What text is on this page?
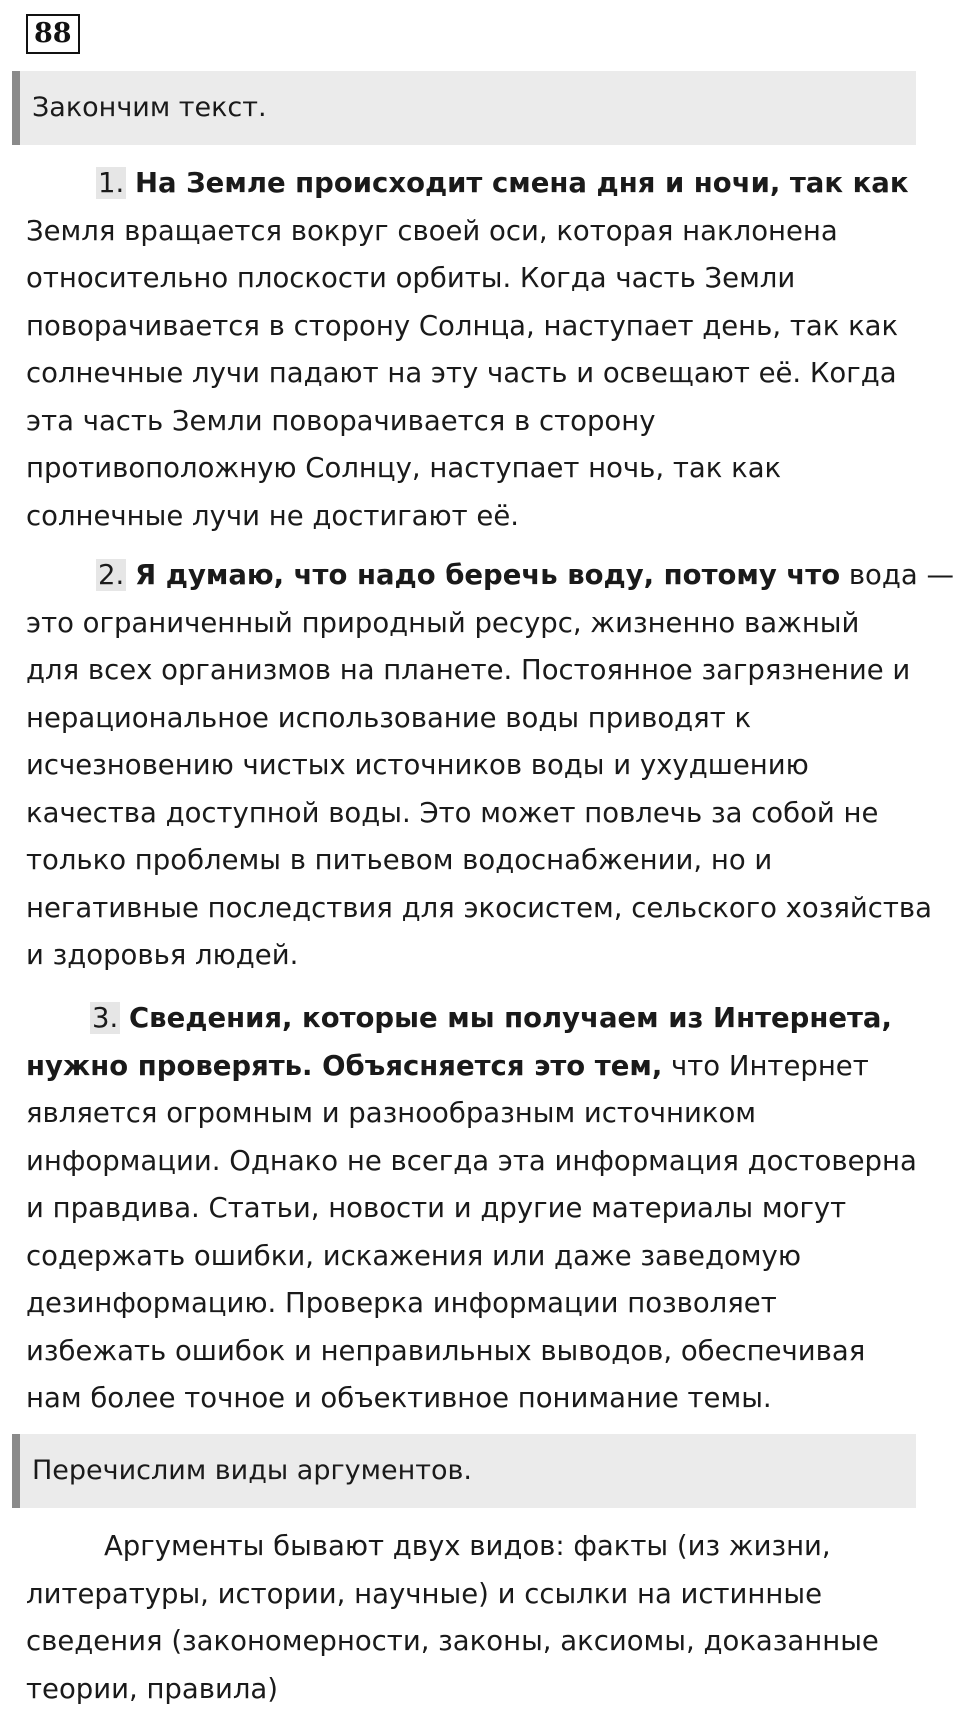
88
Закончим текст.
1. На Земле происходит смена дня и ночи, так как
Земля вращается вокруг своей оси, которая наклонена
относительно плоскости орбиты. Когда часть Земли
поворачивается в сторону Солнца, наступает день, так как
солнечные лучи падают на эту часть и освещают её. Когда
эта часть Земли поворачивается в сторону
противоположную Солнцу, наступает ночь, так как
солнечные лучи не достигают её.
2. Я думаю, что надо беречь воду, потому что вода —
это ограниченный природный ресурс, жизненно важный
для всех организмов на планете. Постоянное загрязнение и
нерациональное использование воды приводят к
исчезновению чистых источников воды и ухудшению
качества доступной воды. Это может повлечь за собой не
только проблемы в питьевом водоснабжении, но и
негативные последствия для экосистем, сельского хозяйства
и здоровья людей.
3. Сведения, которые мы получаем из Интернета,
нужно проверять. Объясняется это тем, что Интернет
является огромным и разнообразным источником
информации. Однако не всегда эта информация достоверна
и правдива. Статьи, новости и другие материалы могут
содержать ошибки, искажения или даже заведомую
дезинформацию. Проверка информации позволяет
избежать ошибок и неправильных выводов, обеспечивая
нам более точное и объективное понимание темы.
Перечислим виды аргументов.
Аргументы бывают двух видов: факты (из жизни,
литературы, истории, научные) и ссылки на истинные
сведения (закономерности, законы, аксиомы, доказанные
теории, правила)
